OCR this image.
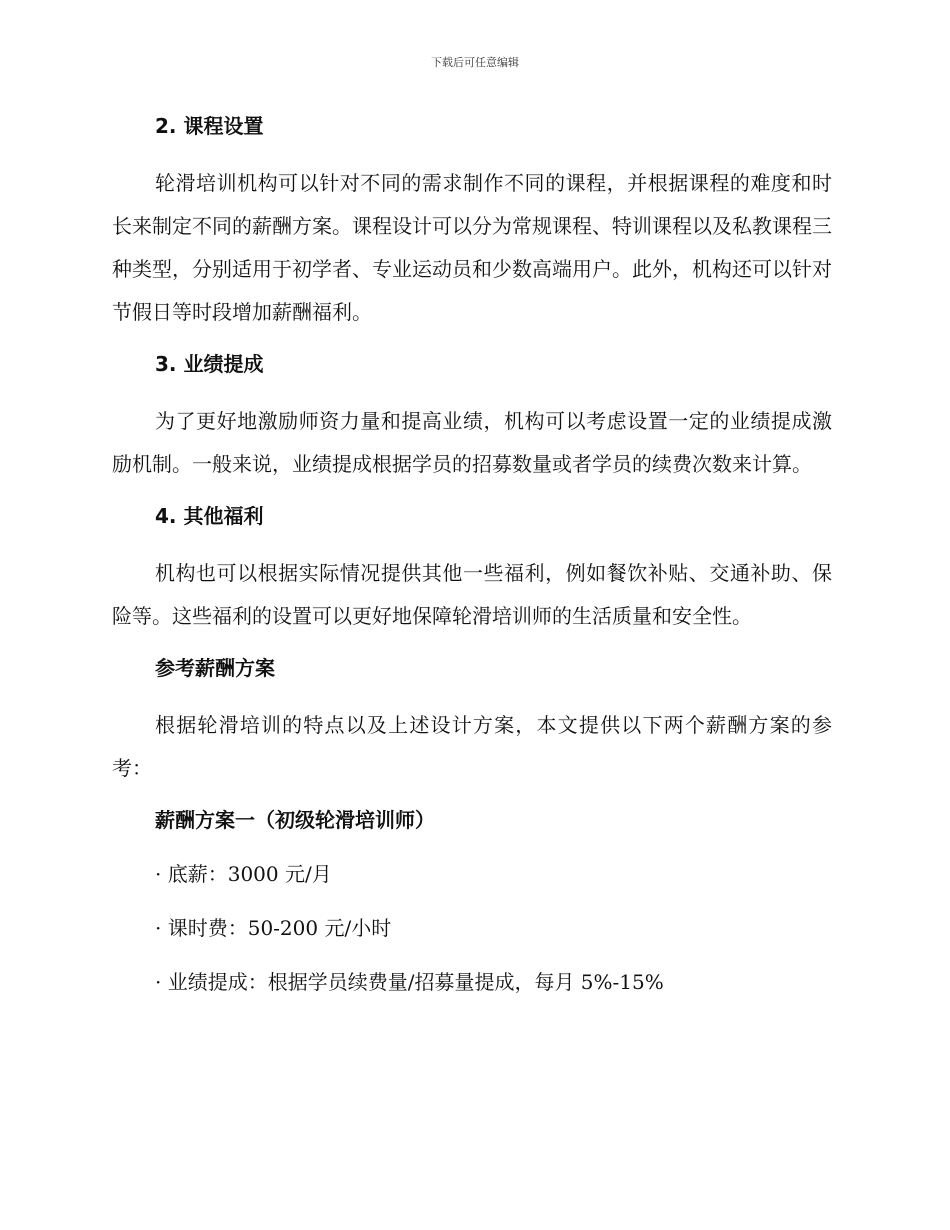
下载后可任意编辑
2. 课程设置

轮滑培训机构可以针对不同的需求制作不同的课程，并根据课程的难度和时长来制定不同的薪酬方案。课程设计可以分为常规课程、特训课程以及私教课程三种类型，分别适用于初学者、专业运动员和少数高端用户。此外，机构还可以针对节假日等时段增加薪酬福利。

3. 业绩提成

为了更好地激励师资力量和提高业绩，机构可以考虑设置一定的业绩提成激励机制。一般来说，业绩提成根据学员的招募数量或者学员的续费次数来计算。

4. 其他福利

机构也可以根据实际情况提供其他一些福利，例如餐饮补贴、交通补助、保险等。这些福利的设置可以更好地保障轮滑培训师的生活质量和安全性。

参考薪酬方案

根据轮滑培训的特点以及上述设计方案，本文提供以下两个薪酬方案的参考：

薪酬方案一（初级轮滑培训师）
· 底薪：3000 元/月
· 课时费：50-200 元/小时
· 业绩提成：根据学员续费量/招募量提成，每月 5%-15%
